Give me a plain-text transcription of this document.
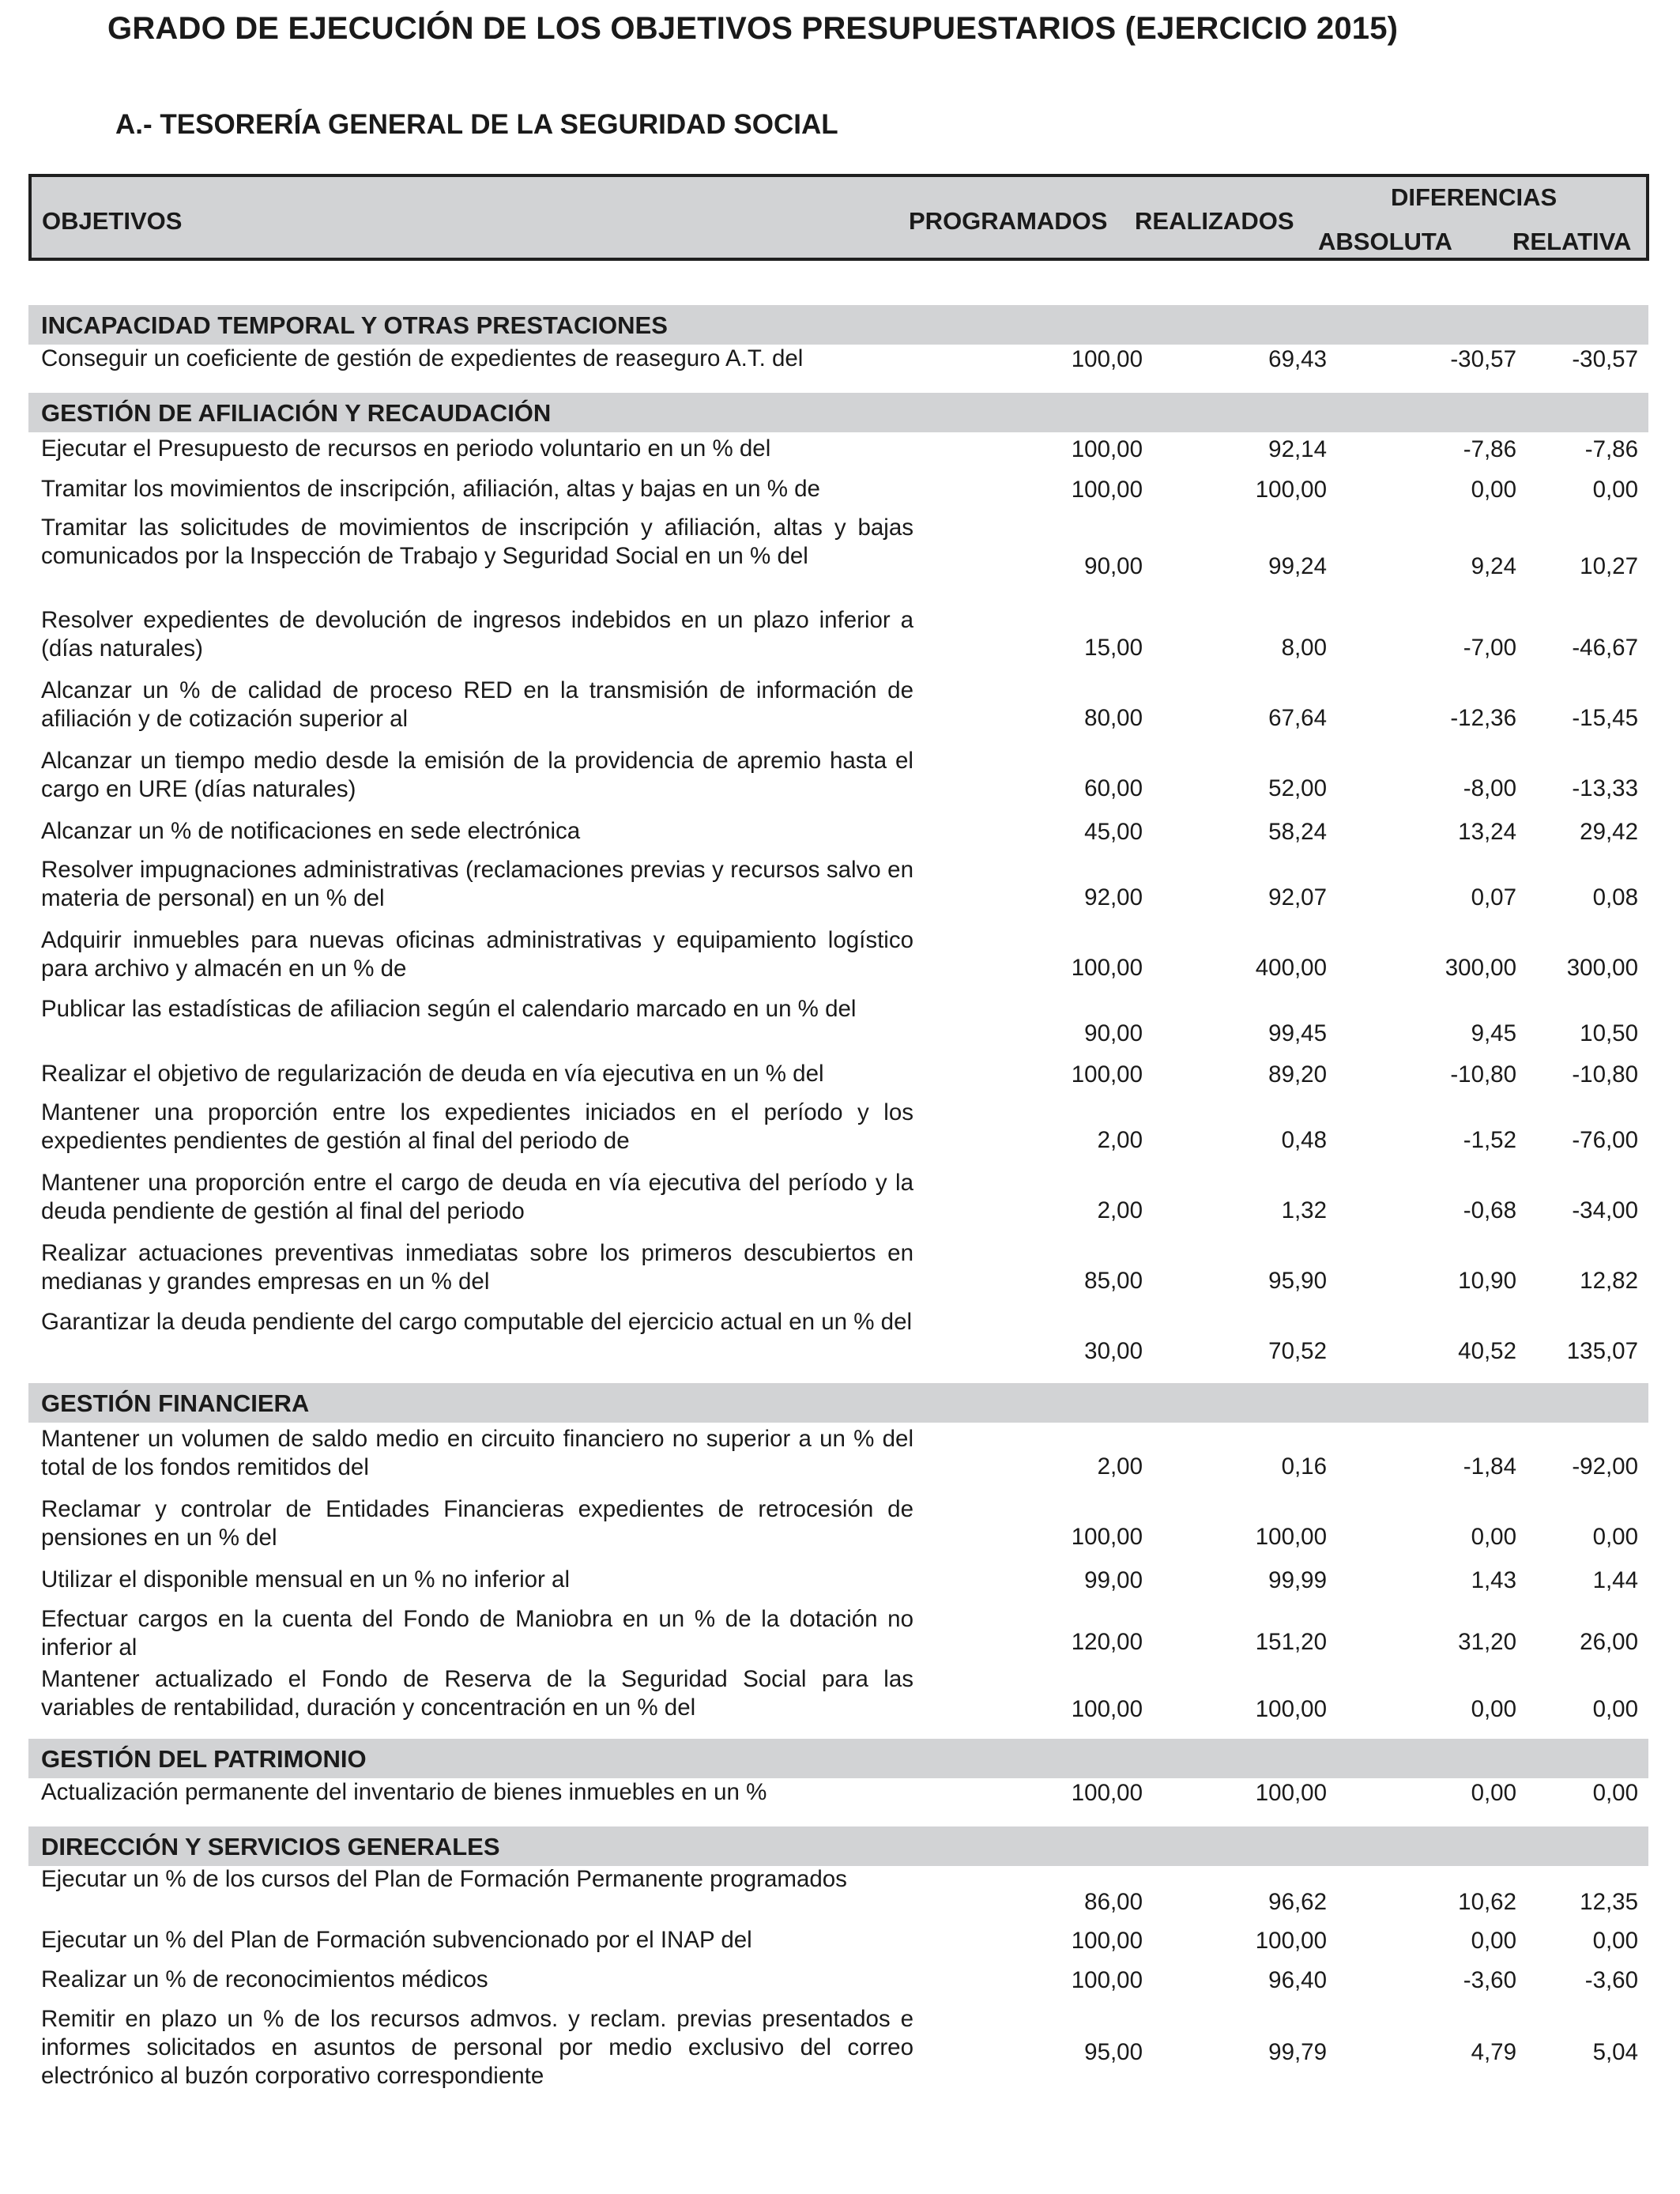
GRADO DE EJECUCIÓN DE LOS OBJETIVOS PRESUPUESTARIOS (EJERCICIO 2015)
A.- TESORERÍA GENERAL DE LA SEGURIDAD SOCIAL
OBJETIVOS	PROGRAMADOS REALIZADOS
DIFERENCIAS
ABSOLUTA RELATIVA
INCAPACIDAD TEMPORAL Y OTRAS PRESTACIONES
Conseguir un coeficiente de gestión de expedientes de reaseguro A.T. del	100,00	69,43	-30,57	-30,57
GESTIÓN DE AFILIACIÓN Y RECAUDACIÓN
Ejecutar el Presupuesto de recursos en periodo voluntario en un % del	100,00	92,14	-7,86	-7,86
Tramitar los movimientos de inscripción, afiliación, altas y bajas en un % de	100,00	100,00	0,00	0,00
Tramitar las solicitudes de movimientos de inscripción y afiliación, altas y bajas comunicados por la Inspección de Trabajo y Seguridad Social en un % del	90,00	99,24	9,24	10,27
Resolver expedientes de devolución de ingresos indebidos en un plazo inferior a (días naturales)	15,00	8,00	-7,00	-46,67
Alcanzar un % de calidad de proceso RED en la transmisión de información de afiliación y de cotización superior al	80,00	67,64	-12,36	-15,45
Alcanzar un tiempo medio desde la emisión de la providencia de apremio hasta el cargo en URE (días naturales)	60,00	52,00	-8,00	-13,33
Alcanzar un % de notificaciones en sede electrónica	45,00	58,24	13,24	29,42
Resolver impugnaciones administrativas (reclamaciones previas y recursos salvo en materia de personal) en un % del	92,00	92,07	0,07	0,08
Adquirir inmuebles para nuevas oficinas administrativas y equipamiento logístico para archivo y almacén en un % de	100,00	400,00	300,00	300,00
Publicar las estadísticas de afiliacion según el calendario marcado en un % del
90,00	99,45	9,45	10,50
Realizar el objetivo de regularización de deuda en vía ejecutiva en un % del	100,00	89,20	-10,80	-10,80
Mantener una proporción entre los expedientes iniciados en el período y los expedientes pendientes de gestión al final del periodo de	2,00	0,48	-1,52	-76,00
Mantener una proporción entre el cargo de deuda en vía ejecutiva del período y la deuda pendiente de gestión al final del periodo	2,00	1,32	-0,68	-34,00
Realizar actuaciones preventivas inmediatas sobre los primeros descubiertos en medianas y grandes empresas en un % del	85,00	95,90	10,90	12,82
Garantizar la deuda pendiente del cargo computable del ejercicio actual en un % del
30,00	70,52	40,52	135,07
GESTIÓN FINANCIERA
Mantener un volumen de saldo medio en circuito financiero no superior a un % del total de los fondos remitidos del	2,00	0,16	-1,84	-92,00
Reclamar y controlar de Entidades Financieras expedientes de retrocesión de pensiones en un % del	100,00	100,00	0,00	0,00
Utilizar el disponible mensual en un % no inferior al	99,00	99,99	1,43	1,44
Efectuar cargos en la cuenta del Fondo de Maniobra en un % de la dotación no inferior al	120,00	151,20	31,20	26,00
Mantener actualizado el Fondo de Reserva de la Seguridad Social para las variables de rentabilidad, duración y concentración en un % del	100,00	100,00	0,00	0,00
GESTIÓN DEL PATRIMONIO
Actualización permanente del inventario de bienes inmuebles en un %	100,00	100,00	0,00	0,00
DIRECCIÓN Y SERVICIOS GENERALES
Ejecutar un % de los cursos del Plan de Formación Permanente programados
86,00	96,62	10,62	12,35
Ejecutar un % del Plan de Formación subvencionado por el INAP del	100,00	100,00	0,00	0,00
Realizar un % de reconocimientos médicos	100,00	96,40	-3,60	-3,60
Remitir en plazo un % de los recursos admvos. y reclam. previas presentados e informes solicitados en asuntos de personal por medio exclusivo del correo electrónico al buzón corporativo correspondiente
95,00	99,79	4,79	5,04
